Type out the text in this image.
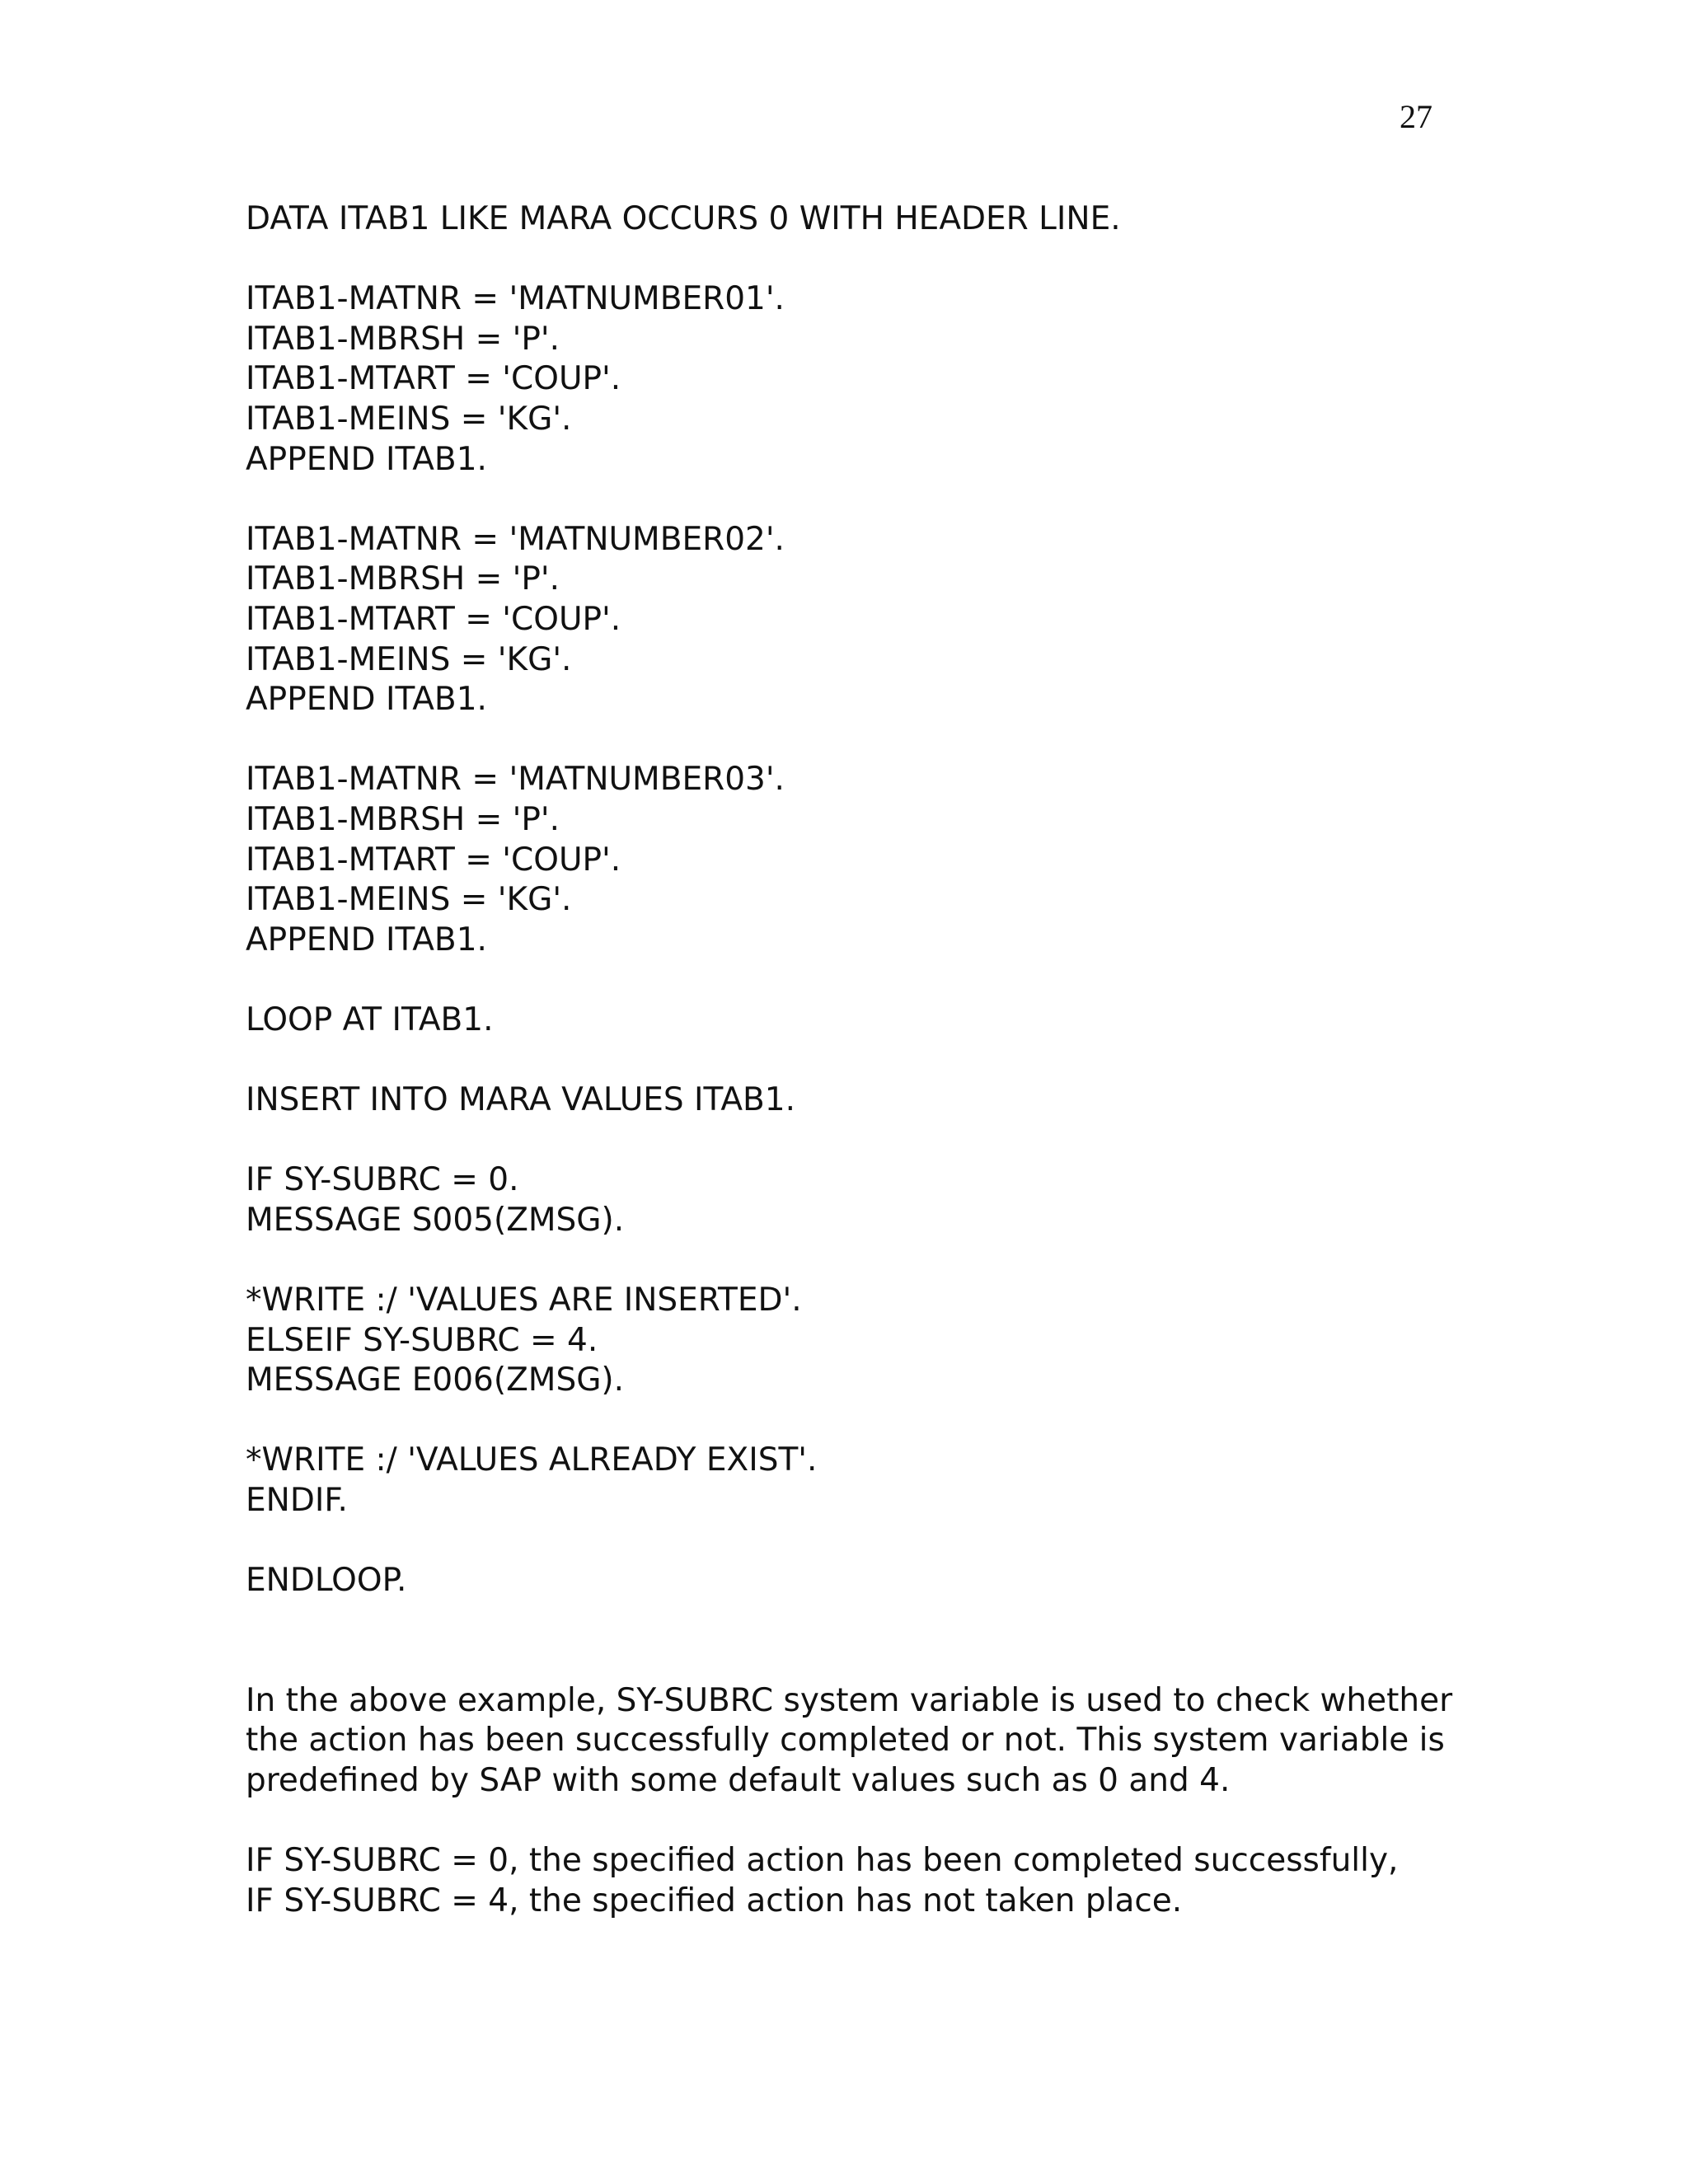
27
DATA ITAB1 LIKE MARA OCCURS 0 WITH HEADER LINE.
ITAB1-MATNR = 'MATNUMBER01'.
ITAB1-MBRSH = 'P'.
ITAB1-MTART = 'COUP'.
ITAB1-MEINS = 'KG'.
APPEND ITAB1.
ITAB1-MATNR = 'MATNUMBER02'.
ITAB1-MBRSH = 'P'.
ITAB1-MTART = 'COUP'.
ITAB1-MEINS = 'KG'.
APPEND ITAB1.
ITAB1-MATNR = 'MATNUMBER03'.
ITAB1-MBRSH = 'P'.
ITAB1-MTART = 'COUP'.
ITAB1-MEINS = 'KG'.
APPEND ITAB1.
LOOP AT ITAB1.
INSERT INTO MARA VALUES ITAB1.
IF SY-SUBRC = 0.
MESSAGE S005(ZMSG).
*WRITE :/ 'VALUES ARE INSERTED'.
ELSEIF SY-SUBRC = 4.
MESSAGE E006(ZMSG).
*WRITE :/ 'VALUES ALREADY EXIST'.
ENDIF.
ENDLOOP.
In the above example, SY-SUBRC system variable is used to check whether
the action has been successfully completed or not. This system variable is
predefined by SAP with some default values such as 0 and 4.
IF SY-SUBRC = 0, the specified action has been completed successfully,
IF SY-SUBRC = 4, the specified action has not taken place.
